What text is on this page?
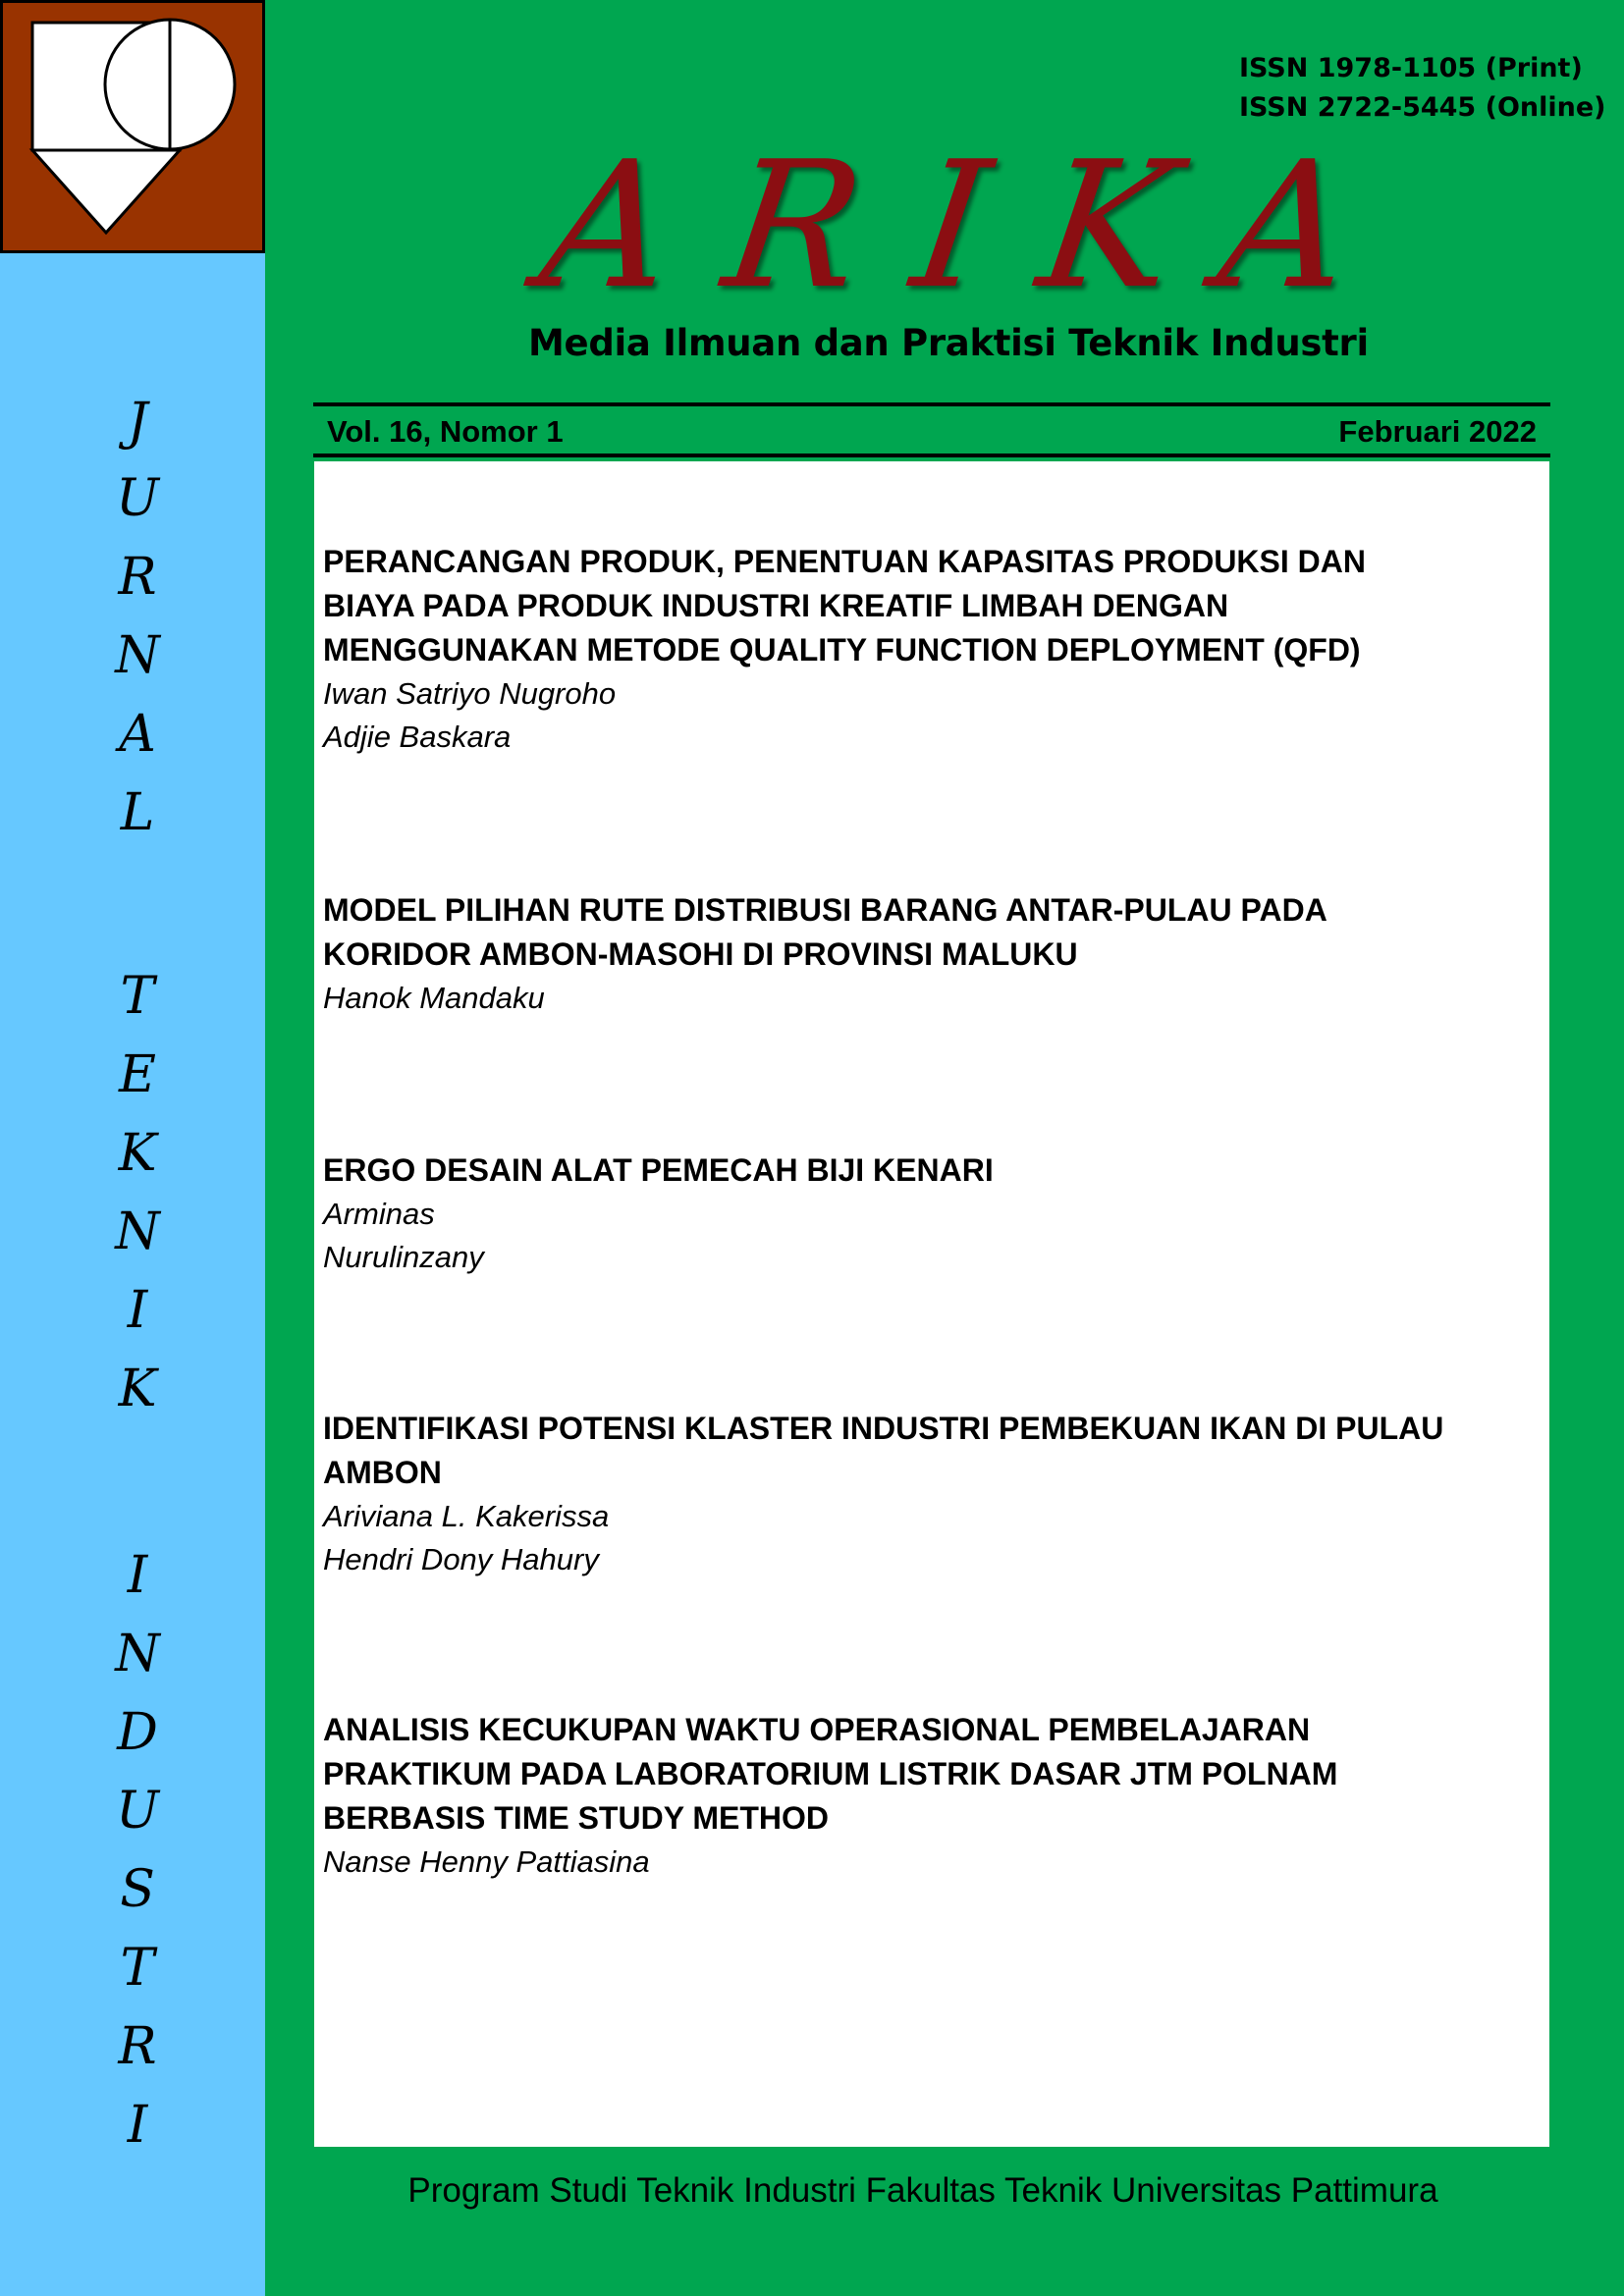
J
U
R
N
A
L
T
E
K
N
I
K
I
N
D
U
S
T
R
I
ISSN 1978-1105 (Print)
ISSN 2722-5445 (Online)
ARIKA
Media Ilmuan dan Praktisi Teknik Industri
Vol. 16, Nomor 1	Februari 2022
PERANCANGAN PRODUK, PENENTUAN KAPASITAS PRODUKSI DAN
BIAYA PADA PRODUK INDUSTRI KREATIF LIMBAH DENGAN
MENGGUNAKAN METODE QUALITY FUNCTION DEPLOYMENT (QFD)
Iwan Satriyo Nugroho
Adjie Baskara
MODEL PILIHAN RUTE DISTRIBUSI BARANG ANTAR-PULAU PADA
KORIDOR AMBON-MASOHI DI PROVINSI MALUKU
Hanok Mandaku
ERGO DESAIN ALAT PEMECAH BIJI KENARI
Arminas
Nurulinzany
IDENTIFIKASI POTENSI KLASTER INDUSTRI PEMBEKUAN IKAN DI PULAU
AMBON
Ariviana L. Kakerissa
Hendri Dony Hahury
ANALISIS KECUKUPAN WAKTU OPERASIONAL PEMBELAJARAN
PRAKTIKUM PADA LABORATORIUM LISTRIK DASAR JTM POLNAM
BERBASIS TIME STUDY METHOD
Nanse Henny Pattiasina
Program Studi Teknik Industri Fakultas Teknik Universitas Pattimura
